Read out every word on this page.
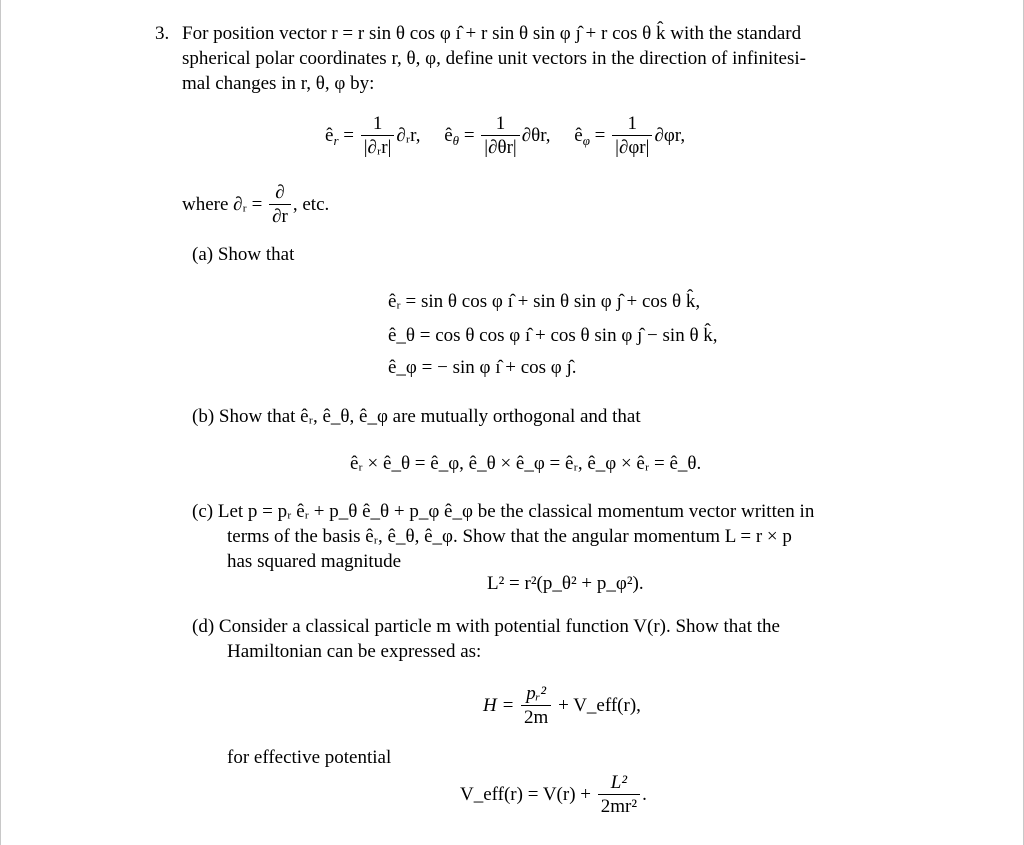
3. For position vector r = r sin θ cos φ ı̂ + r sin θ sin φ ȷ̂ + r cos θ k̂ with the standard
spherical polar coordinates r, θ, φ, define unit vectors in the direction of infinitesi-
mal changes in r, θ, φ by:
$ê_r = \frac{1}{\text{|∂ᵣr|}}$ ∂ᵣr, $ê_\theta = \frac{1}{|\partial\theta r|} \partial\theta r$, $ê_\varphi = \frac{1}{|\partial\varphi r|} \partial\varphi r$,
where ∂ᵣ = $\frac{\partial}{\partial r}$ , etc.
(a) Show that
êᵣ = sin θ cos φ ı̂ + sin θ sin φ ȷ̂ + cos θ k̂,
ê_θ = cos θ cos φ ı̂ + cos θ sin φ ȷ̂ − sin θ k̂,
ê_φ = − sin φ ı̂ + cos φ ȷ̂.
(b) Show that êᵣ, ê_θ, ê_φ are mutually orthogonal and that
êᵣ × ê_θ = ê_φ, ê_θ × ê_φ = êᵣ, ê_φ × êᵣ = ê_θ.
(c) Let p = pᵣ êᵣ + p_θ ê_θ + p_φ ê_φ be the classical momentum vector written in
terms of the basis êᵣ, ê_θ, ê_φ. Show that the angular momentum L = r × p
has squared magnitude
L² = r²(p_θ² + p_φ²).
(d) Consider a classical particle m with potential function V(r). Show that the
Hamiltonian can be expressed as:
$H = \frac{\text{pᵣ²}}{2m}$ + V_eff(r),
for effective potential
V_eff(r) = $V(r) + \frac{\text{L²}}{\text{2mr²}}$ .
